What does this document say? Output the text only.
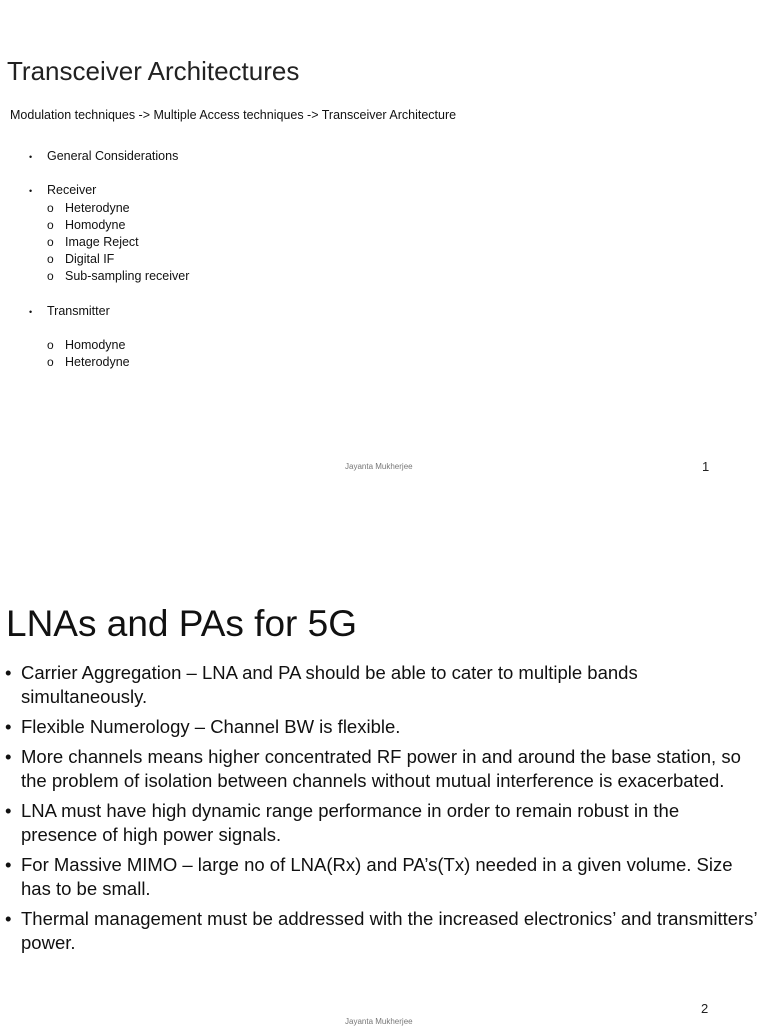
Transceiver Architectures
Modulation techniques -> Multiple Access techniques -> Transceiver Architecture
• General Considerations
• Receiver
o Heterodyne
o Homodyne
o Image Reject
o Digital IF
o Sub-sampling receiver
• Transmitter
o Homodyne
o Heterodyne
Jayanta Mukherjee	1
LNAs and PAs for 5G
• Carrier Aggregation – LNA and PA should be able to cater to multiple bands simultaneously.
• Flexible Numerology – Channel BW is flexible.
• More channels means higher concentrated RF power in and around the base station, so the problem of isolation between channels without mutual interference is exacerbated.
• LNA must have high dynamic range performance in order to remain robust in the presence of high power signals.
• For Massive MIMO – large no of LNA(Rx) and PA’s(Tx) needed in a given volume. Size has to be small.
• Thermal management must be addressed with the increased electronics’ and transmitters’ power.
2
Jayanta Mukherjee
